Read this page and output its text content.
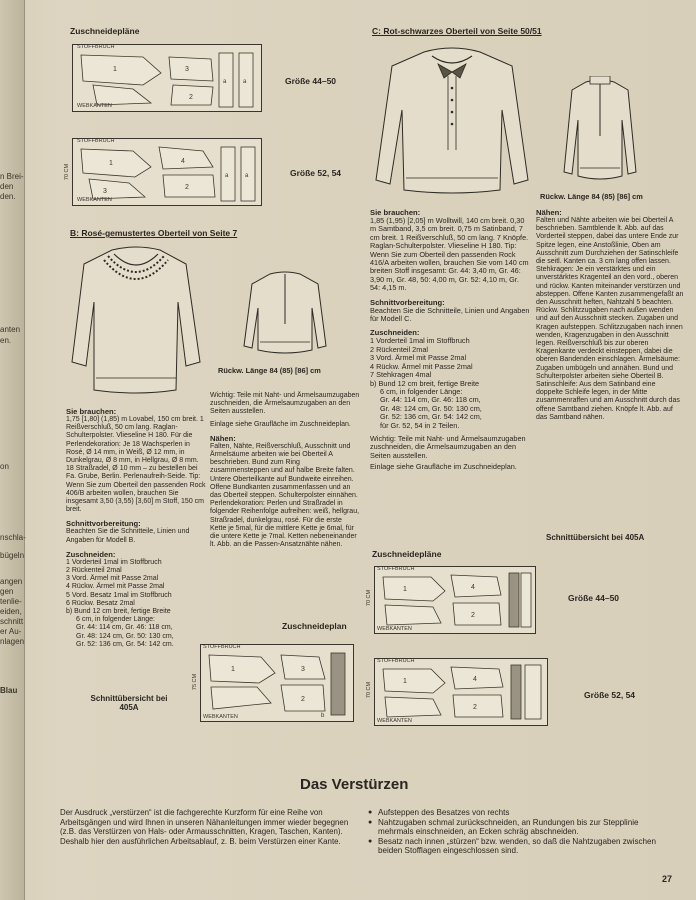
n Brei-
den
den.
anten
en.
on
nschla-
bügeln
angen
gen
tenlie-
eiden,
schnitt
er Au-
nlagen
Blau
Zuschneidepläne
STOFFBRUCH
1	3
2
a	a
WEBKANTEN
Größe 44–50
STOFFBRUCH
70 CM
1	4
2
3
a	a
WEBKANTEN
Größe 52, 54
B: Rosé-gemustertes Oberteil von Seite 7
Rückw. Länge 84 (85) [86] cm
Sie brauchen:
1,75 [1,80] (1,85) m Lovabel, 150 cm breit. 1 Reißverschluß, 50 cm lang. Raglan-Schulterpolster. Vlieseline H 180. Für die Perlendekoration: Je 18 Wachsperlen in Rosé, Ø 14 mm, in Weiß, Ø 12 mm, in Dunkelgrau, Ø 8 mm, in Hellgrau, Ø 8 mm. 18 Straßradel, Ø 10 mm – zu bestellen bei Fa. Grube, Berlin. Perlenaufreih-Seide. Tip: Wenn Sie zum Oberteil den passenden Rock 406/B arbeiten wollen, brauchen Sie insgesamt 3,50 (3,55) [3,60] m Stoff, 150 cm breit.
Schnittvorbereitung:
Beachten Sie die Schnitteile, Linien und Angaben für Modell B.
Zuschneiden:
1 Vorderteil 1mal im Stoffbruch
2 Rückenteil 2mal
3 Vord. Ärmel mit Passe 2mal
4 Rückw. Ärmel mit Passe 2mal
5 Vord. Besatz 1mal im Stoffbruch
6 Rückw. Besatz 2mal
b) Bund 12 cm breit, fertige Breite
6 cm, in folgender Länge:
Gr. 44: 114 cm, Gr. 46: 118 cm,
Gr. 48: 124 cm, Gr. 50: 130 cm,
Gr. 52: 136 cm, Gr. 54: 142 cm.
Schnittübersicht bei 405A
Wichtig: Teile mit Naht- und Ärmelsaumzugaben zuschneiden, die Ärmelsaumzugaben an den Seiten ausstellen.
Einlage siehe Graufläche im Zuschneideplan.
Nähen:
Falten, Nähte, Reißverschluß, Ausschnitt und Ärmelsäume arbeiten wie bei Oberteil A beschrieben. Bund zum Ring zusammensteppen und auf halbe Breite falten. Untere Oberteilkante auf Bundweite einreihen. Offene Bundkanten zusammenfassen und an das Oberteil steppen. Schulterpolster einnähen. Perlendekoration: Perlen und Straßradel in folgender Reihenfolge aufreihen: weiß, hellgrau, Straßradel, dunkelgrau, rosé. Für die erste Kette je 5mal, für die mittlere Kette je 6mal, für die untere Kette je 7mal. Ketten nebeneinander lt. Abb. an die Passen-Ansatznähte nähen.
Zuschneideplan
STOFFBRUCH
75 CM
1	3
2
b
WEBKANTEN
C: Rot-schwarzes Oberteil von Seite 50/51
Rückw. Länge 84 (85) [86] cm
Sie brauchen:
1,85 (1,95) [2,05] m Wolltwill, 140 cm breit. 0,30 m Samtband, 3,5 cm breit. 0,75 m Satinband, 7 cm breit. 1 Reißverschluß, 50 cm lang. 7 Knöpfe. Raglan-Schulterpolster. Vlieseline H 180. Tip: Wenn Sie zum Oberteil den passenden Rock 416/A arbeiten wollen, brauchen Sie vom 140 cm breiten Stoff insgesamt: Gr. 44: 3,40 m, Gr. 46: 3,90 m, Gr. 48, 50: 4,00 m, Gr. 52: 4,10 m, Gr. 54: 4,15 m.
Schnittvorbereitung:
Beachten Sie die Schnitteile, Linien und Angaben für Modell C.
Zuschneiden:
1 Vorderteil 1mal im Stoffbruch
2 Rückenteil 2mal
3 Vord. Ärmel mit Passe 2mal
4 Rückw. Ärmel mit Passe 2mal
7 Stehkragen 4mal
b) Bund 12 cm breit, fertige Breite
6 cm, in folgender Länge:
Gr. 44: 114 cm, Gr. 46: 118 cm,
Gr. 48: 124 cm, Gr. 50: 130 cm,
Gr. 52: 136 cm, Gr. 54: 142 cm,
für Gr. 52, 54 in 2 Teilen.
Wichtig: Teile mit Naht- und Ärmelsaumzugaben zuschneiden, die Ärmelsaumzugaben an den Seiten ausstellen.
Einlage siehe Graufläche im Zuschneideplan.
Nähen:
Falten und Nähte arbeiten wie bei Oberteil A beschrieben. Samtblende lt. Abb. auf das Vorderteil steppen, dabei das untere Ende zur Spitze legen, eine Anstoßlinie, Oben am Ausschnitt zum Durchziehen der Satinschleife die seitl. Kanten ca. 3 cm lang offen lassen. Stehkragen: Je ein verstärktes und ein unverstärktes Kragenteil an den vord., oberen und rückw. Kanten miteinander verstürzen und absteppen. Offene Kanten zusammengefaßt an den Ausschnitt heften, Nahtzahl 5 beachten. Rückw. Schlitzzugaben nach außen wenden und auf den Ausschnitt stecken. Zugaben und Kragen aufsteppen. Schlitzzugaben nach innen wenden, Kragenzugaben in den Ausschnitt legen. Reißverschluß bis zur oberen Kragenkante verdeckt einsteppen, dabei die oberen Bandenden einschlagen. Ärmelsäume: Zugaben umbügeln und annähen. Bund und Schulterpolster arbeiten siehe Oberteil B. Satinschleife: Aus dem Satinband eine doppelte Schleife legen, in der Mitte zusammenraffen und am Ausschnitt durch das offene Samtband ziehen. Knöpfe lt. Abb. auf das Samtband nähen.
Schnittübersicht bei 405A
Zuschneidepläne
STOFFBRUCH
70 CM
1	4
2
WEBKANTEN
Größe 44–50
STOFFBRUCH
70 CM
1	4
2
WEBKANTEN
Größe 52, 54
Das Verstürzen
Der Ausdruck „verstürzen“ ist die fachgerechte Kurzform für eine Reihe von Arbeitsgängen und wird Ihnen in unseren Nähanleitungen immer wieder begegnen (z.B. das Verstürzen von Hals- oder Armausschnitten, Kragen, Taschen, Kanten). Deshalb hier den ausführlichen Arbeitsablauf, z. B. beim Verstürzen einer Kante.
● Aufsteppen des Besatzes von rechts
● Nahtzugaben schmal zurückschneiden, an Rundungen bis zur Stepplinie mehrmals einschneiden, an Ecken schräg abschneiden.
● Besatz nach innen „stürzen“ bzw. wenden, so daß die Nahtzugaben zwischen beiden Stofflagen eingeschlossen sind.
27
